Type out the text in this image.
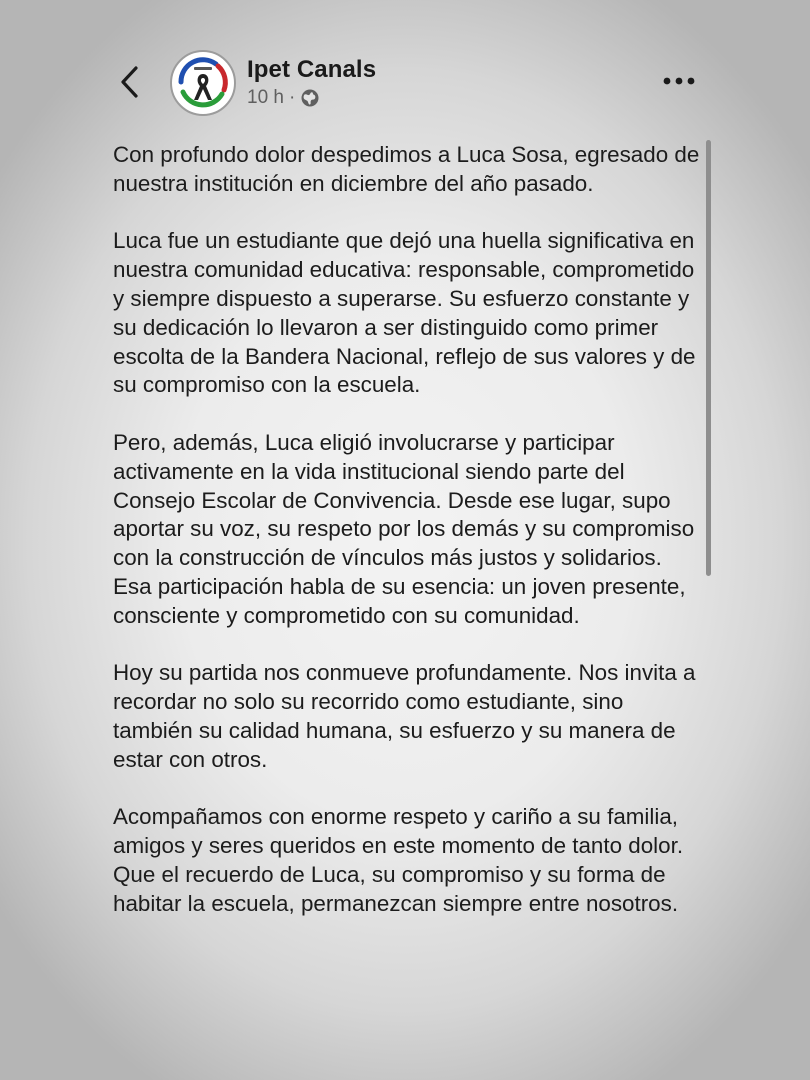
Ipet Canals
10 h ·

Con profundo dolor despedimos a Luca Sosa, egresado de nuestra institución en diciembre del año pasado.

Luca fue un estudiante que dejó una huella significativa en nuestra comunidad educativa: responsable, comprometido y siempre dispuesto a superarse. Su esfuerzo constante y su dedicación lo llevaron a ser distinguido como primer escolta de la Bandera Nacional, reflejo de sus valores y de su compromiso con la escuela.

Pero, además, Luca eligió involucrarse y participar activamente en la vida institucional siendo parte del Consejo Escolar de Convivencia. Desde ese lugar, supo aportar su voz, su respeto por los demás y su compromiso con la construcción de vínculos más justos y solidarios. Esa participación habla de su esencia: un joven presente, consciente y comprometido con su comunidad.

Hoy su partida nos conmueve profundamente. Nos invita a recordar no solo su recorrido como estudiante, sino también su calidad humana, su esfuerzo y su manera de estar con otros.

Acompañamos con enorme respeto y cariño a su familia, amigos y seres queridos en este momento de tanto dolor. Que el recuerdo de Luca, su compromiso y su forma de habitar la escuela, permanezcan siempre entre nosotros.
